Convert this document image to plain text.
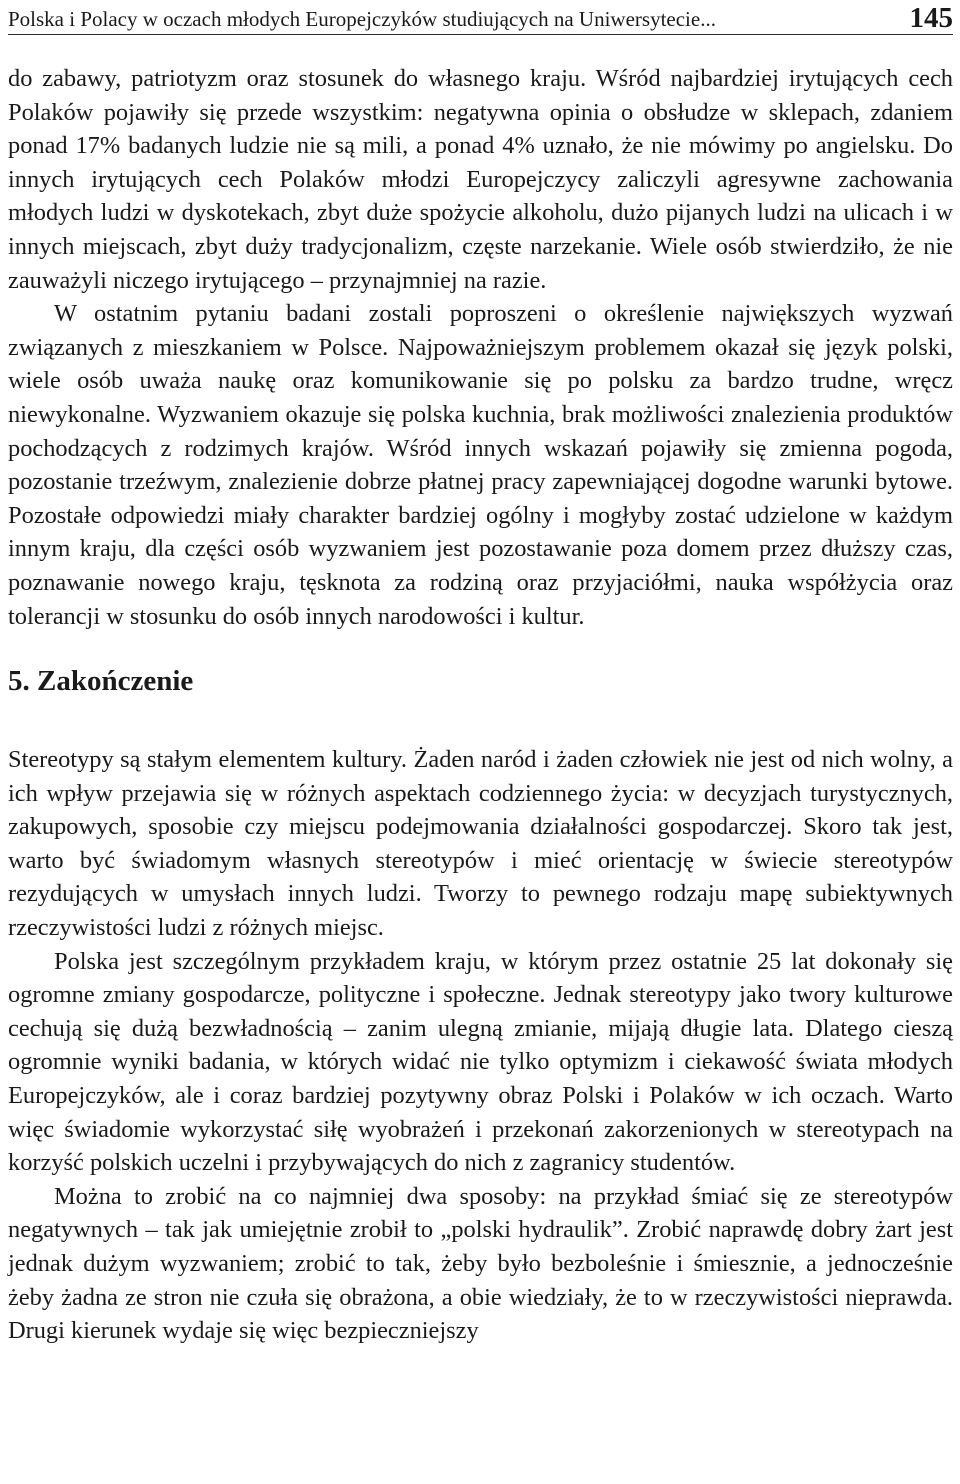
Polska i Polacy w oczach młodych Europejczyków studiujących na Uniwersytecie...	145

do zabawy, patriotyzm oraz stosunek do własnego kraju. Wśród najbardziej irytujących cech Polaków pojawiły się przede wszystkim: negatywna opinia o obsłudze w sklepach, zdaniem ponad 17% badanych ludzie nie są mili, a ponad 4% uznało, że nie mówimy po angielsku. Do innych irytujących cech Polaków młodzi Europejczycy zaliczyli agresywne zachowania młodych ludzi w dyskotekach, zbyt duże spożycie alkoholu, dużo pijanych ludzi na ulicach i w innych miejscach, zbyt duży tradycjonalizm, częste narzekanie. Wiele osób stwierdziło, że nie zauważyli niczego irytującego – przynajmniej na razie.

W ostatnim pytaniu badani zostali poproszeni o określenie największych wyzwań związanych z mieszkaniem w Polsce. Najpoważniejszym problemem okazał się język polski, wiele osób uważa naukę oraz komunikowanie się po polsku za bardzo trudne, wręcz niewykonalne. Wyzwaniem okazuje się polska kuchnia, brak możliwości znalezienia produktów pochodzących z rodzimych krajów. Wśród innych wskazań pojawiły się zmienna pogoda, pozostanie trzeźwym, znalezienie dobrze płatnej pracy zapewniającej dogodne warunki bytowe. Pozostałe odpowiedzi miały charakter bardziej ogólny i mogłyby zostać udzielone w każdym innym kraju, dla części osób wyzwaniem jest pozostawanie poza domem przez dłuższy czas, poznawanie nowego kraju, tęsknota za rodziną oraz przyjaciółmi, nauka współżycia oraz tolerancji w stosunku do osób innych narodowości i kultur.

5. Zakończenie

Stereotypy są stałym elementem kultury. Żaden naród i żaden człowiek nie jest od nich wolny, a ich wpływ przejawia się w różnych aspektach codziennego życia: w decyzjach turystycznych, zakupowych, sposobie czy miejscu podejmowania działalności gospodarczej. Skoro tak jest, warto być świadomym własnych stereotypów i mieć orientację w świecie stereotypów rezydujących w umysłach innych ludzi. Tworzy to pewnego rodzaju mapę subiektywnych rzeczywistości ludzi z różnych miejsc.

Polska jest szczególnym przykładem kraju, w którym przez ostatnie 25 lat dokonały się ogromne zmiany gospodarcze, polityczne i społeczne. Jednak stereotypy jako twory kulturowe cechują się dużą bezwładnością – zanim ulegną zmianie, mijają długie lata. Dlatego cieszą ogromnie wyniki badania, w których widać nie tylko optymizm i ciekawość świata młodych Europejczyków, ale i coraz bardziej pozytywny obraz Polski i Polaków w ich oczach. Warto więc świadomie wykorzystać siłę wyobrażeń i przekonań zakorzenionych w stereotypach na korzyść polskich uczelni i przybywających do nich z zagranicy studentów.

Można to zrobić na co najmniej dwa sposoby: na przykład śmiać się ze stereotypów negatywnych – tak jak umiejętnie zrobił to „polski hydraulik”. Zrobić naprawdę dobry żart jest jednak dużym wyzwaniem; zrobić to tak, żeby było bezboleśnie i śmiesznie, a jednocześnie żeby żadna ze stron nie czuła się obrażona, a obie wiedziały, że to w rzeczywistości nieprawda. Drugi kierunek wydaje się więc bezpieczniejszy
